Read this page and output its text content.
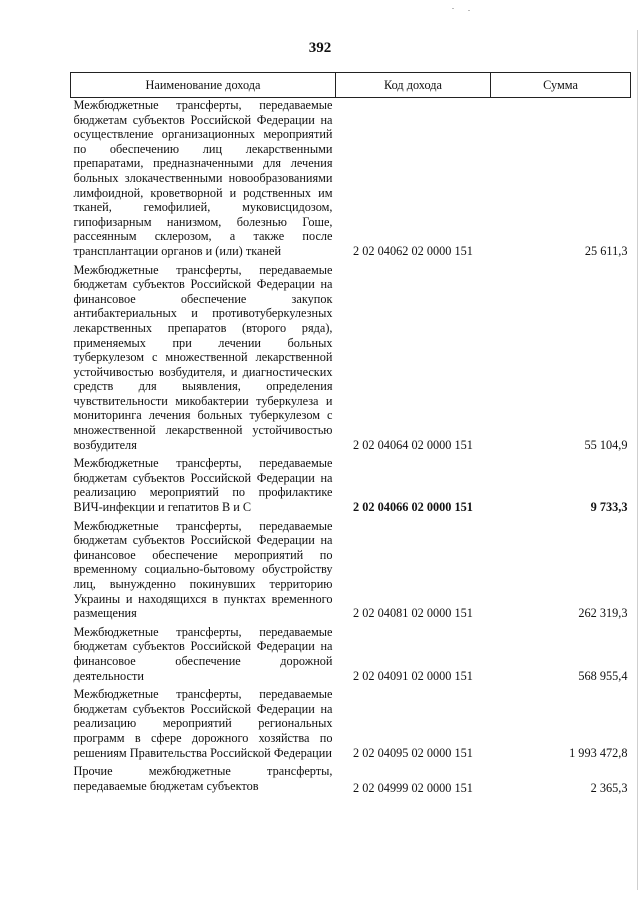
392
Наименование дохода	Код дохода	Сумма
Межбюджетные трансферты, передаваемые бюджетам субъектов Российской Федерации на осуществление организационных мероприятий по обеспечению лиц лекарственными препаратами, предназначенными для лечения больных злокачественными новообразованиями лимфоидной, кроветворной и родственных им тканей, гемофилией, муковисцидозом, гипофизарным нанизмом, болезнью Гоше, рассеянным склерозом, а также после трансплантации органов и (или) тканей	2 02 04062 02 0000 151	25 611,3
Межбюджетные трансферты, передаваемые бюджетам субъектов Российской Федерации на финансовое обеспечение закупок антибактериальных и противотуберкулезных лекарственных препаратов (второго ряда), применяемых при лечении больных туберкулезом с множественной лекарственной устойчивостью возбудителя, и диагностических средств для выявления, определения чувствительности микобактерии туберкулеза и мониторинга лечения больных туберкулезом с множественной лекарственной устойчивостью возбудителя	2 02 04064 02 0000 151	55 104,9
Межбюджетные трансферты, передаваемые бюджетам субъектов Российской Федерации на реализацию мероприятий по профилактике ВИЧ-инфекции и гепатитов В и С	2 02 04066 02 0000 151	9 733,3
Межбюджетные трансферты, передаваемые бюджетам субъектов Российской Федерации на финансовое обеспечение мероприятий по временному социально-бытовому обустройству лиц, вынужденно покинувших территорию Украины и находящихся в пунктах временного размещения	2 02 04081 02 0000 151	262 319,3
Межбюджетные трансферты, передаваемые бюджетам субъектов Российской Федерации на финансовое обеспечение дорожной деятельности	2 02 04091 02 0000 151	568 955,4
Межбюджетные трансферты, передаваемые бюджетам субъектов Российской Федерации на реализацию мероприятий региональных программ в сфере дорожного хозяйства по решениям Правительства Российской Федерации	2 02 04095 02 0000 151	1 993 472,8
Прочие межбюджетные трансферты, передаваемые бюджетам субъектов	2 02 04999 02 0000 151	2 365,3
